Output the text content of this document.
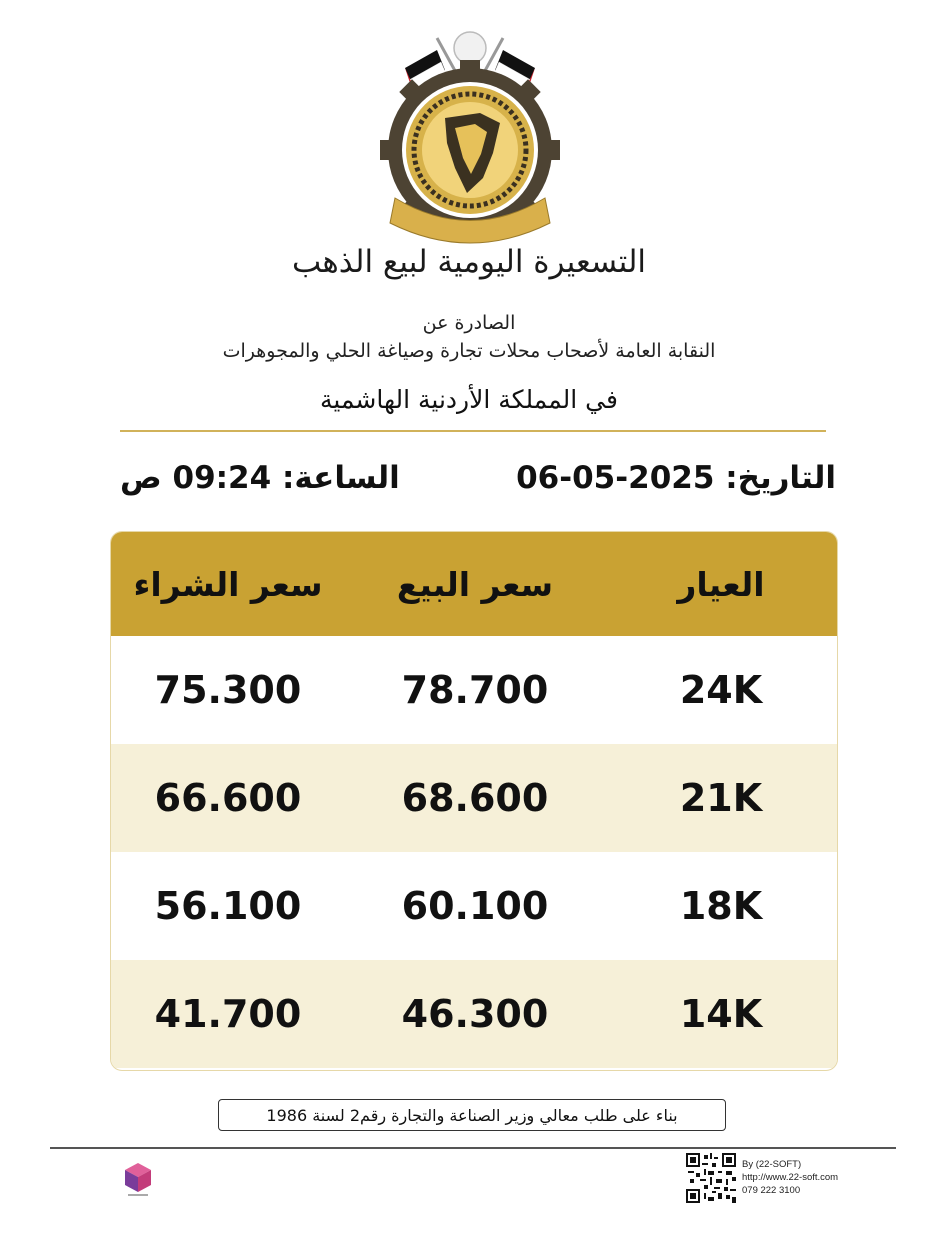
التسعيرة اليومية لبيع الذهب
الصادرة عن
النقابة العامة لأصحاب محلات تجارة وصياغة الحلي والمجوهرات
في المملكة الأردنية الهاشمية
التاريخ: 06-05-2025
الساعة: 09:24 ص
العيار
سعر البيع
سعر الشراء
24K
78.700
75.300
21K
68.600
66.600
18K
60.100
56.100
14K
46.300
41.700
بناء على طلب معالي وزير الصناعة والتجارة رقم2 لسنة 1986
By (22-SOFT)
http://www.22-soft.com
079 222 3100
